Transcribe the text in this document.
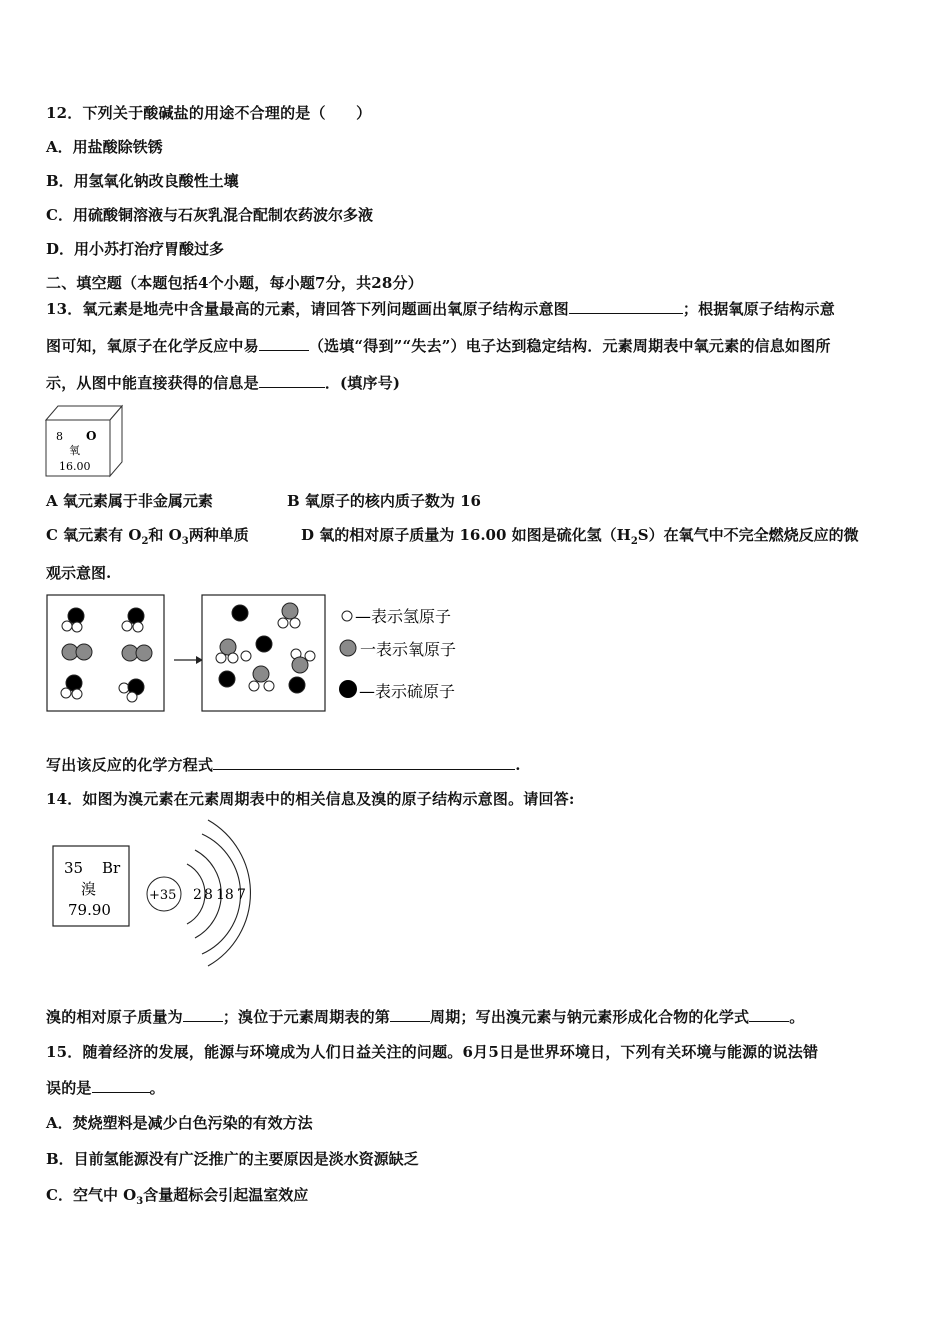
12．下列关于酸碱盐的用途不合理的是（　　）
A．用盐酸除铁锈
B．用氢氧化钠改良酸性土壤
C．用硫酸铜溶液与石灰乳混合配制农药波尔多液
D．用小苏打治疗胃酸过多
二、填空题（本题包括4个小题，每小题7分，共28分）
13．氧元素是地壳中含量最高的元素，请回答下列问题画出氧原子结构示意图	；根据氧原子结构示意
图可知，氧原子在化学反应中易	（选填“得到”“失去”）电子达到稳定结构．元素周期表中氧元素的信息如图所
示，从图中能直接获得的信息是	．(填序号)
8 O
氧
16.00
A 氧元素属于非金属元素	B 氧原子的核内质子数为 16
C 氧元素有 $O_2$和 $O_3$两种单质	D 氧的相对原子质量为 16.00 如图是硫化氢$(H_2S)$在氧气中不完全燃烧反应的微
观示意图.
—表示氢原子
一表示氧原子
—表示硫原子
写出该反应的化学方程式	.
14．如图为溴元素在元素周期表中的相关信息及溴的原子结构示意图。请回答:
35 Br
溴
79.90
+35 2 8 18 7
溴的相对原子质量为	；溴位于元素周期表的第	周期；写出溴元素与钠元素形成化合物的化学式	。
15．随着经济的发展，能源与环境成为人们日益关注的问题。6月5日是世界环境日，下列有关环境与能源的说法错
误的是	。
A．焚烧塑料是减少白色污染的有效方法
B．目前氢能源没有广泛推广的主要原因是淡水资源缺乏
C．空气中 $O_3$含量超标会引起温室效应
